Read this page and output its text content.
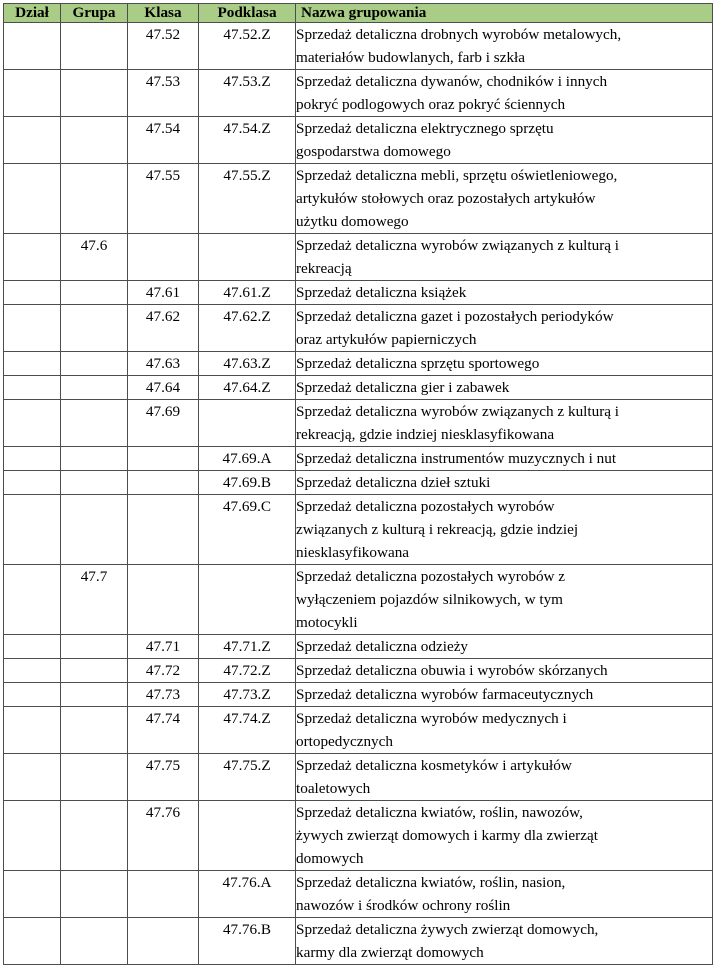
Dział	Grupa	Klasa	Podklasa	Nazwa grupowania
		47.52	47.52.Z	Sprzedaż detaliczna drobnych wyrobów metalowych,
materiałów budowlanych, farb i szkła

		47.53	47.53.Z	Sprzedaż detaliczna dywanów, chodników i innych
pokryć podlogowych oraz pokryć ściennych

		47.54	47.54.Z	Sprzedaż detaliczna elektrycznego sprzętu
gospodarstwa domowego

		47.55	47.55.Z	Sprzedaż detaliczna mebli, sprzętu oświetleniowego,
artykułów stołowych oraz pozostałych artykułów
użytku domowego

	47.6			Sprzedaż detaliczna wyrobów związanych z kulturą i
rekreacją

		47.61	47.61.Z	Sprzedaż detaliczna książek

		47.62	47.62.Z	Sprzedaż detaliczna gazet i pozostałych periodyków
oraz artykułów papierniczych

		47.63	47.63.Z	Sprzedaż detaliczna sprzętu sportowego

		47.64	47.64.Z	Sprzedaż detaliczna gier i zabawek

		47.69		Sprzedaż detaliczna wyrobów związanych z kulturą i
rekreacją, gdzie indziej niesklasyfikowana

			47.69.A	Sprzedaż detaliczna instrumentów muzycznych i nut

			47.69.B	Sprzedaż detaliczna dzieł sztuki

			47.69.C	Sprzedaż detaliczna pozostałych wyrobów
związanych z kulturą i rekreacją, gdzie indziej
niesklasyfikowana

	47.7			Sprzedaż detaliczna pozostałych wyrobów z
wyłączeniem pojazdów silnikowych, w tym
motocykli

		47.71	47.71.Z	Sprzedaż detaliczna odzieży

		47.72	47.72.Z	Sprzedaż detaliczna obuwia i wyrobów skórzanych

		47.73	47.73.Z	Sprzedaż detaliczna wyrobów farmaceutycznych

		47.74	47.74.Z	Sprzedaż detaliczna wyrobów medycznych i
ortopedycznych

		47.75	47.75.Z	Sprzedaż detaliczna kosmetyków i artykułów
toaletowych

		47.76		Sprzedaż detaliczna kwiatów, roślin, nawozów,
żywych zwierząt domowych i karmy dla zwierząt
domowych

			47.76.A	Sprzedaż detaliczna kwiatów, roślin, nasion,
nawozów i środków ochrony roślin

			47.76.B	Sprzedaż detaliczna żywych zwierząt domowych,
karmy dla zwierząt domowych
